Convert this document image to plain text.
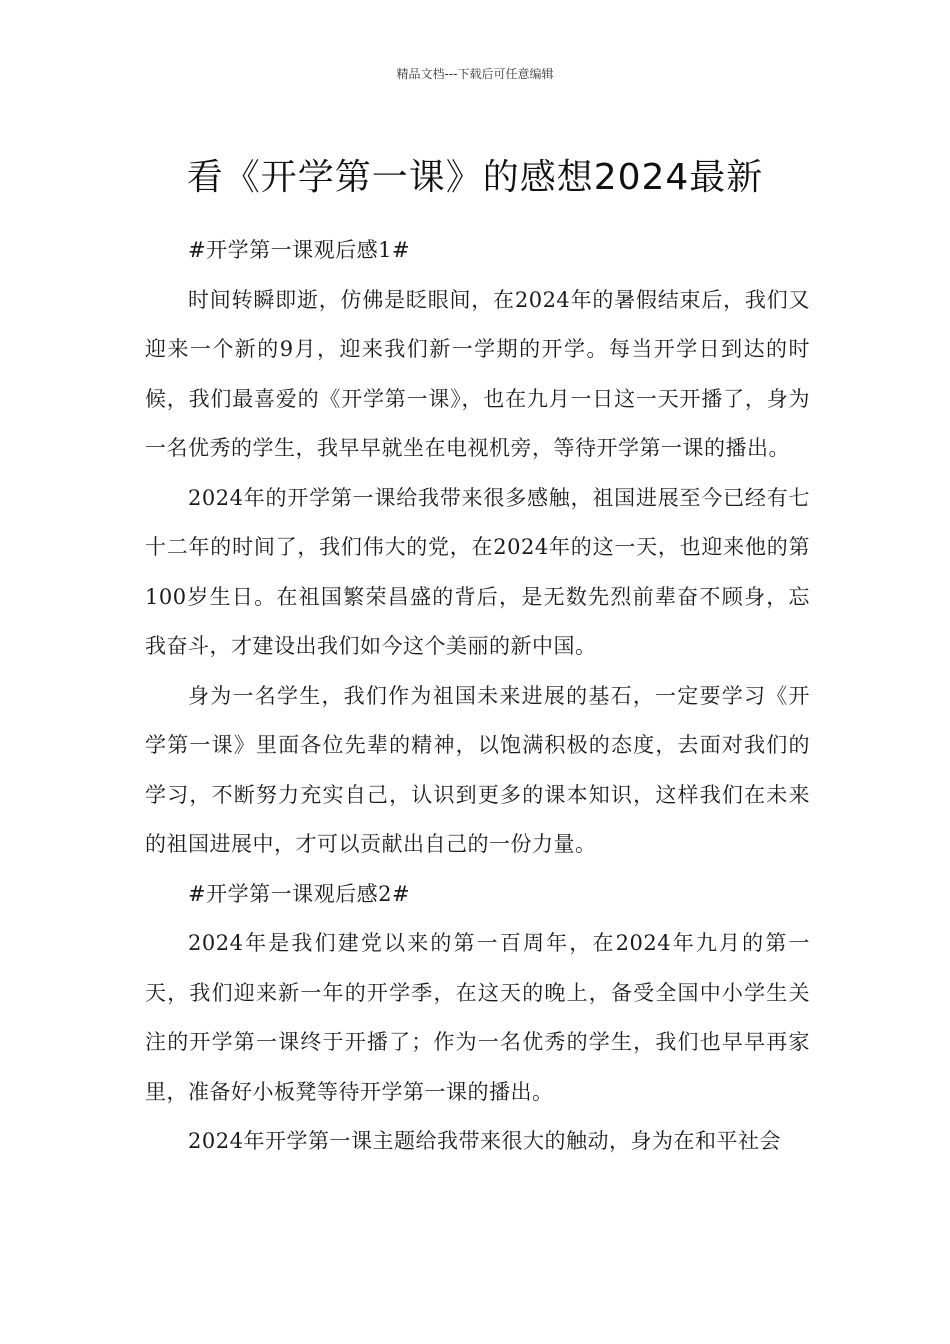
精品文档---下载后可任意编辑
看《开学第一课》的感想2024最新

#开学第一课观后感1#

时间转瞬即逝，仿佛是眨眼间，在2024年的暑假结束后，我们又迎来一个新的9月，迎来我们新一学期的开学。每当开学日到达的时候，我们最喜爱的《开学第一课》，也在九月一日这一天开播了，身为一名优秀的学生，我早早就坐在电视机旁，等待开学第一课的播出。

2024年的开学第一课给我带来很多感触，祖国进展至今已经有七十二年的时间了，我们伟大的党，在2024年的这一天，也迎来他的第100岁生日。在祖国繁荣昌盛的背后，是无数先烈前辈奋不顾身，忘我奋斗，才建设出我们如今这个美丽的新中国。

身为一名学生，我们作为祖国未来进展的基石，一定要学习《开学第一课》里面各位先辈的精神，以饱满积极的态度，去面对我们的学习，不断努力充实自己，认识到更多的课本知识，这样我们在未来的祖国进展中，才可以贡献出自己的一份力量。

#开学第一课观后感2#

2024年是我们建党以来的第一百周年，在2024年九月的第一天，我们迎来新一年的开学季，在这天的晚上，备受全国中小学生关注的开学第一课终于开播了；作为一名优秀的学生，我们也早早再家里，准备好小板凳等待开学第一课的播出。

2024年开学第一课主题给我带来很大的触动，身为在和平社会
